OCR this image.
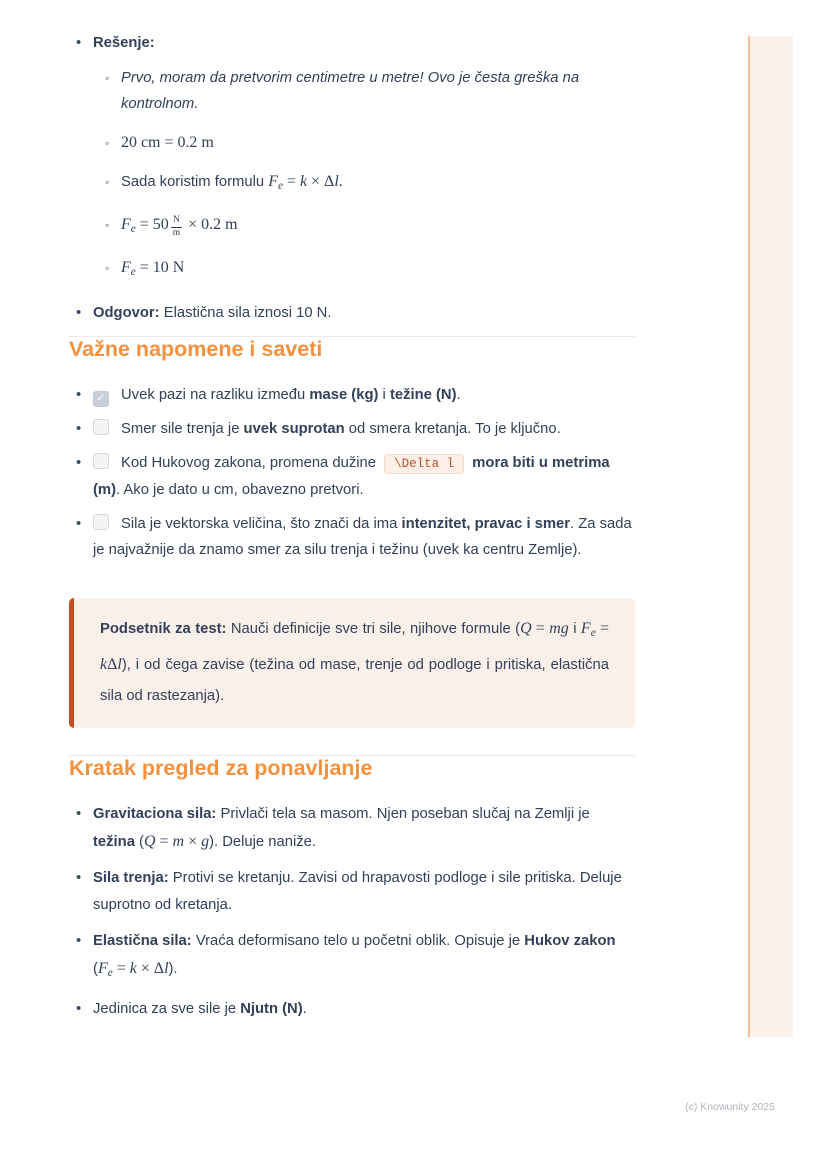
• Rešenje:
◦ Prvo, moram da pretvorim centimetre u metre! Ovo je česta greška na kontrolnom.
◦ 20 cm = 0.2 m
◦ Sada koristim formulu Fe = k × Δl.
◦ $Fe = 50 \frac{N}{m} \times 0.2$ m
◦ Fe = 10 N
• Odgovor: Elastična sila iznosi 10 N.
Važne napomene i saveti
• ✓ Uvek pazi na razliku između mase (kg) i težine (N).
• Smer sile trenja je uvek suprotan od smera kretanja. To je ključno.
• Kod Hukovog zakona, promena dužine \Delta l mora biti u metrima (m). Ako je dato u cm, obavezno pretvori.
• Sila je vektorska veličina, što znači da ima intenzitet, pravac i smer. Za sada je najvažnije da znamo smer za silu trenja i težinu (uvek ka centru Zemlje).
Podsetnik za test: Nauči definicije sve tri sile, njihove formule (Q = mg i Fe = kΔl), i od čega zavise (težina od mase, trenje od podloge i pritiska, elastična sila od rastezanja).
Kratak pregled za ponavljanje
• Gravitaciona sila: Privlači tela sa masom. Njen poseban slučaj na Zemlji je težina (Q = m × g). Deluje naniže.
• Sila trenja: Protivi se kretanju. Zavisi od hrapavosti podloge i sile pritiska. Deluje suprotno od kretanja.
• Elastična sila: Vraća deformisano telo u početni oblik. Opisuje je Hukov zakon (Fe = k × Δl).
• Jedinica za sve sile je Njutn (N).
(c) Knowunity 2025
